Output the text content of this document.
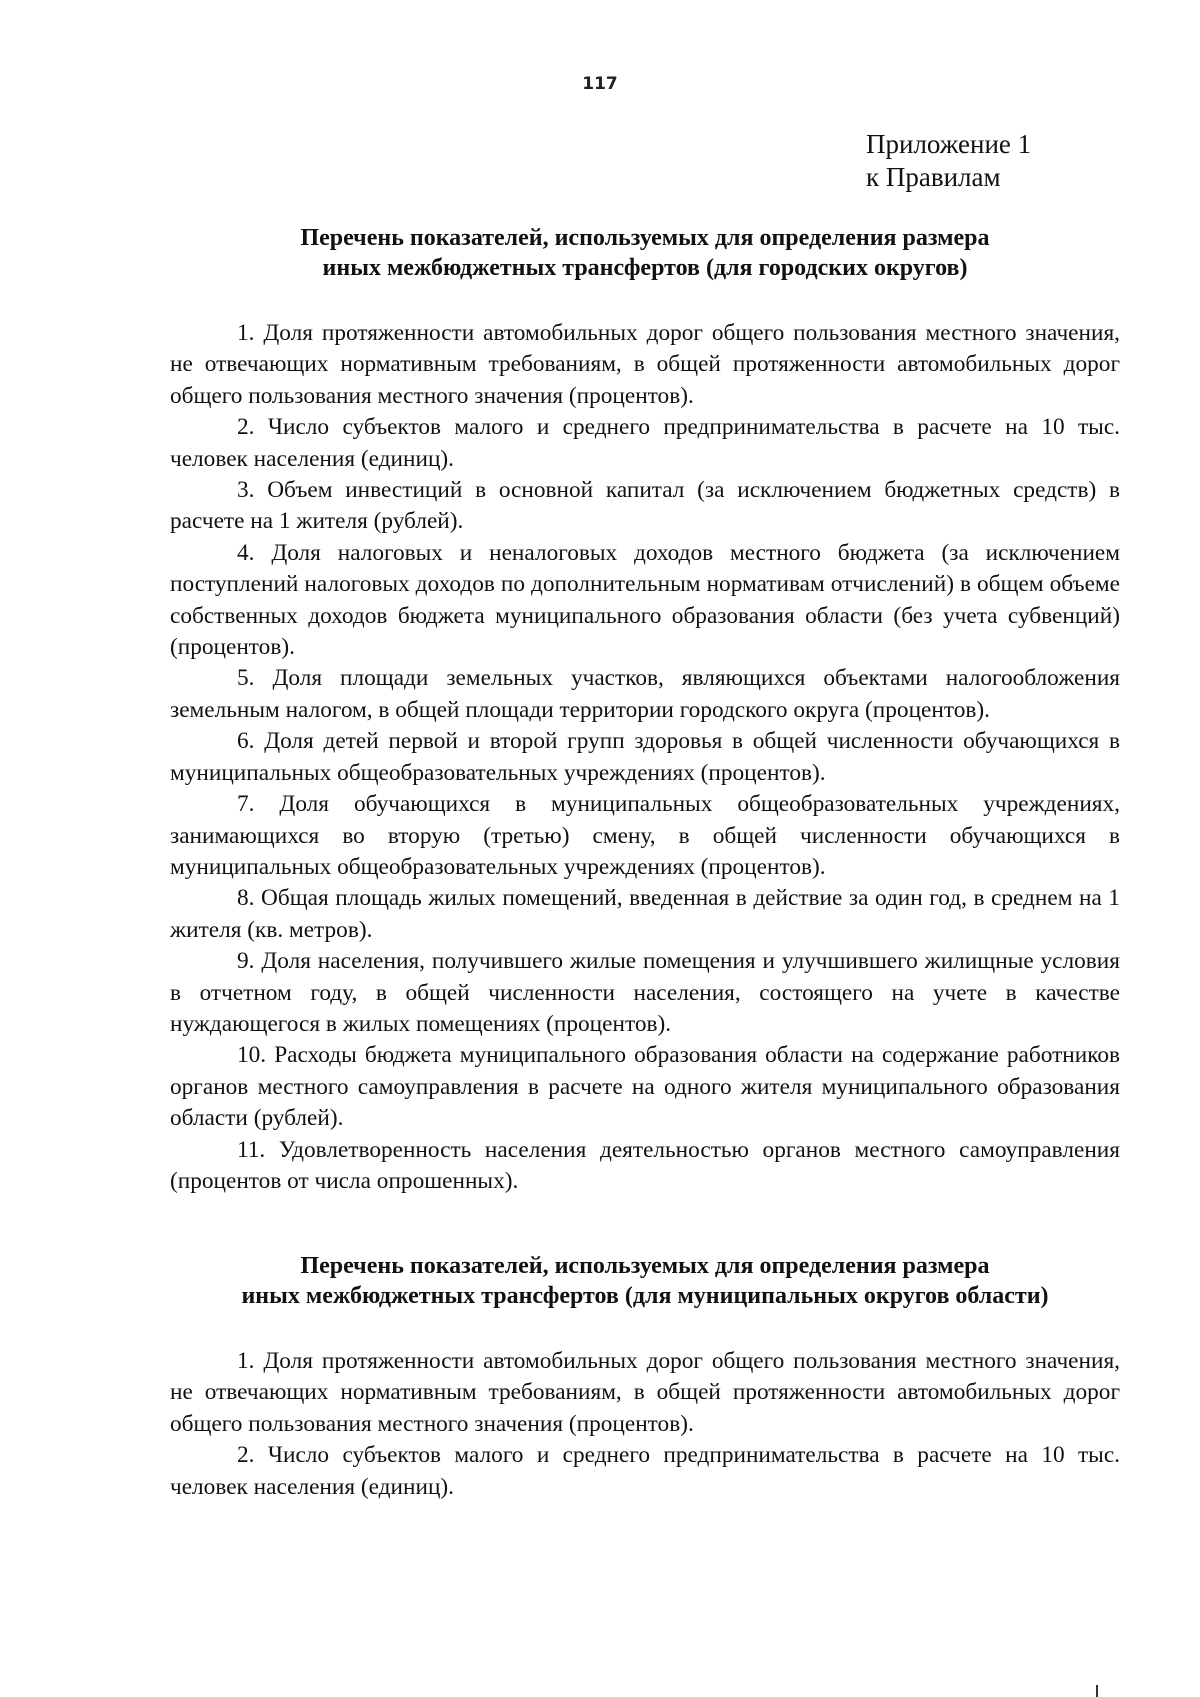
117
Приложение 1
к Правилам
Перечень показателей, используемых для определения размера
иных межбюджетных трансфертов (для городских округов)

1. Доля протяженности автомобильных дорог общего пользования местного значения, не отвечающих нормативным требованиям, в общей протяженности автомобильных дорог общего пользования местного значения (процентов).

2. Число субъектов малого и среднего предпринимательства в расчете на 10 тыс. человек населения (единиц).

3. Объем инвестиций в основной капитал (за исключением бюджетных средств) в расчете на 1 жителя (рублей).

4. Доля налоговых и неналоговых доходов местного бюджета (за исключением поступлений налоговых доходов по дополнительным нормативам отчислений) в общем объеме собственных доходов бюджета муниципального образования области (без учета субвенций) (процентов).

5. Доля площади земельных участков, являющихся объектами налогообложения земельным налогом, в общей площади территории городского округа (процентов).

6. Доля детей первой и второй групп здоровья в общей численности обучающихся в муниципальных общеобразовательных учреждениях (процентов).

7. Доля обучающихся в муниципальных общеобразовательных учреждениях, занимающихся во вторую (третью) смену, в общей численности обучающихся в муниципальных общеобразовательных учреждениях (процентов).

8. Общая площадь жилых помещений, введенная в действие за один год, в среднем на 1 жителя (кв. метров).

9. Доля населения, получившего жилые помещения и улучшившего жилищные условия в отчетном году, в общей численности населения, состоящего на учете в качестве нуждающегося в жилых помещениях (процентов).

10. Расходы бюджета муниципального образования области на содержание работников органов местного самоуправления в расчете на одного жителя муниципального образования области (рублей).

11. Удовлетворенность населения деятельностью органов местного самоуправления (процентов от числа опрошенных).

Перечень показателей, используемых для определения размера
иных межбюджетных трансфертов (для муниципальных округов области)

1. Доля протяженности автомобильных дорог общего пользования местного значения, не отвечающих нормативным требованиям, в общей протяженности автомобильных дорог общего пользования местного значения (процентов).

2. Число субъектов малого и среднего предпринимательства в расчете на 10 тыс. человек населения (единиц).
